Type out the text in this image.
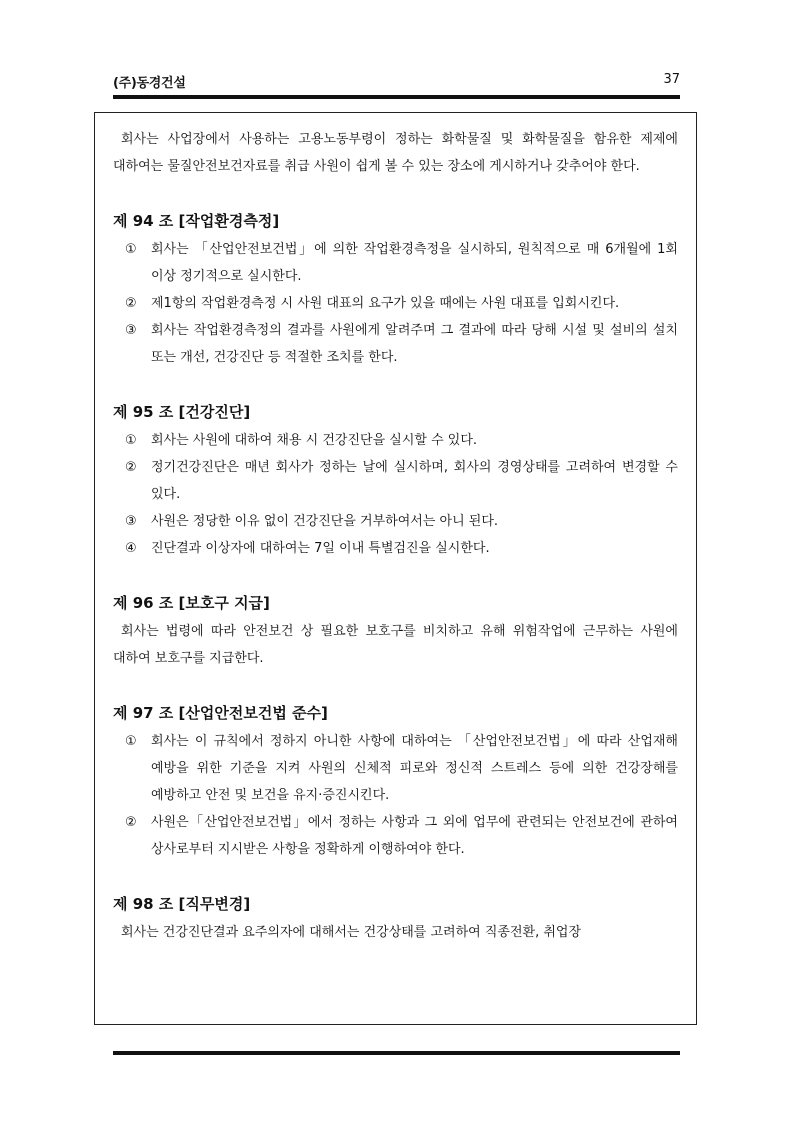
(주)동경건설	37

회사는 사업장에서 사용하는 고용노동부령이 정하는 화학물질 및 화학물질을 함유한 제제에 대하여는 물질안전보건자료를 취급 사원이 쉽게 볼 수 있는 장소에 게시하거나 갖추어야 한다.

제 94 조 [작업환경측정]
①	회사는 「산업안전보건법」에 의한 작업환경측정을 실시하되, 원칙적으로 매 6개월에 1회 이상 정기적으로 실시한다.
②	제1항의 작업환경측정 시 사원 대표의 요구가 있을 때에는 사원 대표를 입회시킨다.
③	회사는 작업환경측정의 결과를 사원에게 알려주며 그 결과에 따라 당해 시설 및 설비의 설치 또는 개선, 건강진단 등 적절한 조치를 한다.
제 95 조 [건강진단]
①	회사는 사원에 대하여 채용 시 건강진단을 실시할 수 있다.
②	정기건강진단은 매년 회사가 정하는 날에 실시하며, 회사의 경영상태를 고려하여 변경할 수 있다.
③	사원은 정당한 이유 없이 건강진단을 거부하여서는 아니 된다.
④	진단결과 이상자에 대하여는 7일 이내 특별검진을 실시한다.
제 96 조 [보호구 지급]

회사는 법령에 따라 안전보건 상 필요한 보호구를 비치하고 유해 위험작업에 근무하는 사원에 대하여 보호구를 지급한다.

제 97 조 [산업안전보건법 준수]
①	회사는 이 규칙에서 정하지 아니한 사항에 대하여는 「산업안전보건법」에 따라 산업재해 예방을 위한 기준을 지켜 사원의 신체적 피로와 정신적 스트레스 등에 의한 건강장해를 예방하고 안전 및 보건을 유지·증진시킨다.
②	사원은「산업안전보건법」에서 정하는 사항과 그 외에 업무에 관련되는 안전보건에 관하여 상사로부터 지시받은 사항을 정확하게 이행하여야 한다.
제 98 조 [직무변경]

회사는 건강진단결과 요주의자에 대해서는 건강상태를 고려하여 직종전환, 취업장
